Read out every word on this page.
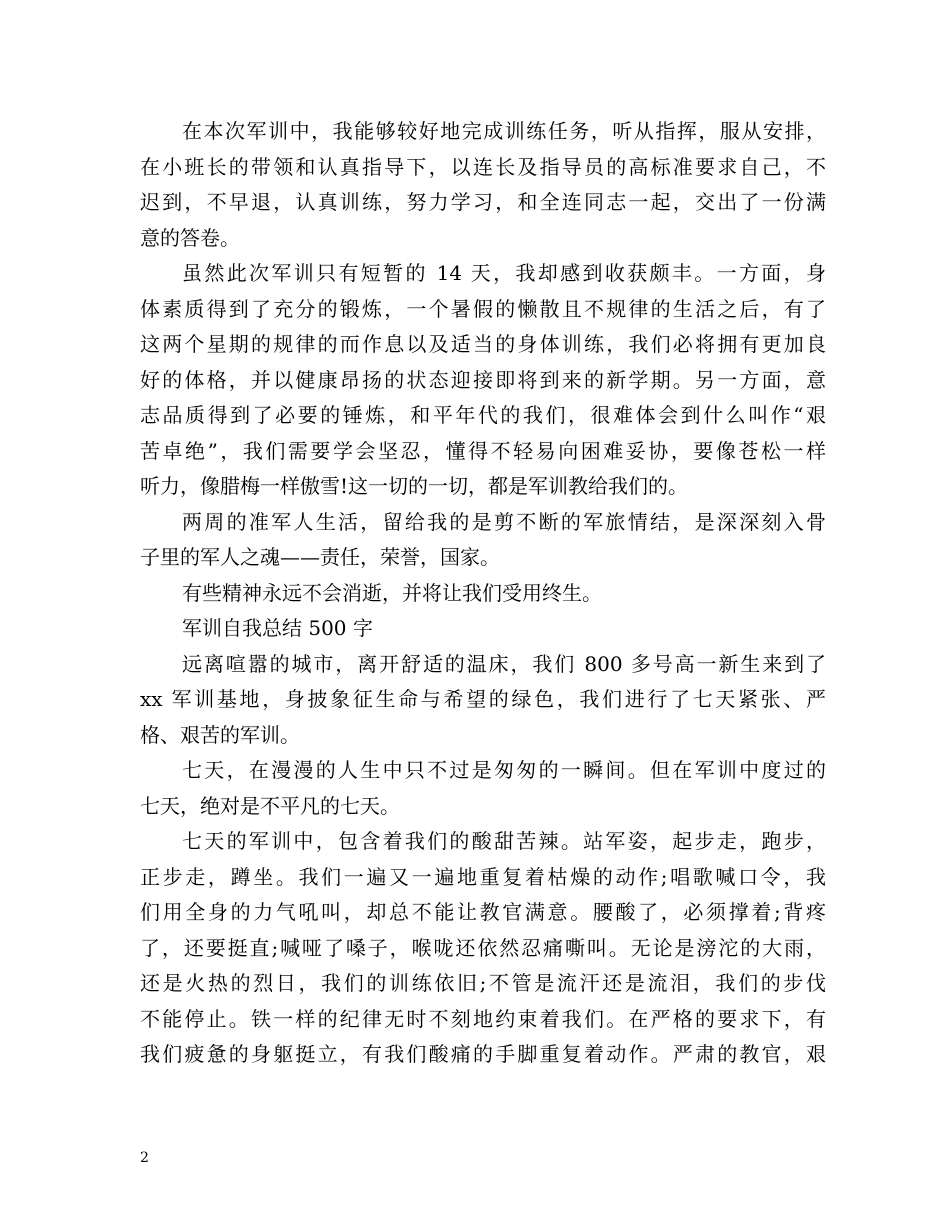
在本次军训中，我能够较好地完成训练任务，听从指挥，服从安排，
在小班长的带领和认真指导下，以连长及指导员的高标准要求自己，不
迟到，不早退，认真训练，努力学习，和全连同志一起，交出了一份满
意的答卷。
虽然此次军训只有短暂的 14 天，我却感到收获颇丰。一方面，身
体素质得到了充分的锻炼，一个暑假的懒散且不规律的生活之后，有了
这两个星期的规律的而作息以及适当的身体训练，我们必将拥有更加良
好的体格，并以健康昂扬的状态迎接即将到来的新学期。另一方面，意
志品质得到了必要的锤炼，和平年代的我们，很难体会到什么叫作“艰
苦卓绝”，我们需要学会坚忍，懂得不轻易向困难妥协，要像苍松一样
听力，像腊梅一样傲雪!这一切的一切，都是军训教给我们的。
两周的准军人生活，留给我的是剪不断的军旅情结，是深深刻入骨
子里的军人之魂——责任，荣誉，国家。
有些精神永远不会消逝，并将让我们受用终生。
军训自我总结 500 字
远离喧嚣的城市，离开舒适的温床，我们 800 多号高一新生来到了
xx 军训基地，身披象征生命与希望的绿色，我们进行了七天紧张、严
格、艰苦的军训。
七天，在漫漫的人生中只不过是匆匆的一瞬间。但在军训中度过的
七天，绝对是不平凡的七天。
七天的军训中，包含着我们的酸甜苦辣。站军姿，起步走，跑步，
正步走，蹲坐。我们一遍又一遍地重复着枯燥的动作;唱歌喊口令，我
们用全身的力气吼叫，却总不能让教官满意。腰酸了，必须撑着;背疼
了，还要挺直;喊哑了嗓子，喉咙还依然忍痛嘶叫。无论是滂沱的大雨，
还是火热的烈日，我们的训练依旧;不管是流汗还是流泪，我们的步伐
不能停止。铁一样的纪律无时不刻地约束着我们。在严格的要求下，有
我们疲惫的身躯挺立，有我们酸痛的手脚重复着动作。严肃的教官，艰
2
